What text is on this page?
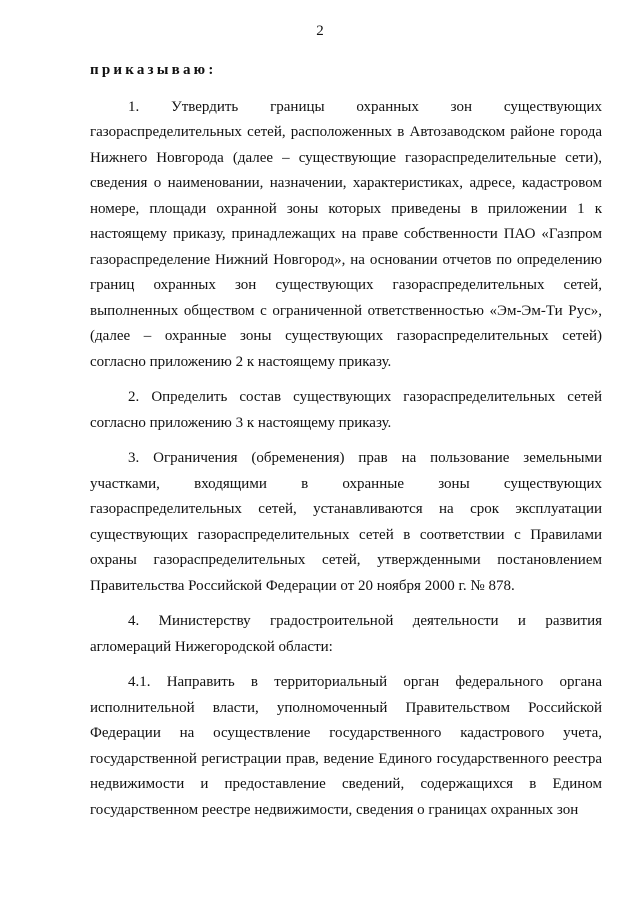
2
приказываю:

1. Утвердить границы охранных зон существующих газораспределительных сетей, расположенных в Автозаводском районе города Нижнего Новгорода (далее – существующие газораспределительные сети), сведения о наименовании, назначении, характеристиках, адресе, кадастровом номере, площади охранной зоны которых приведены в приложении 1 к настоящему приказу, принадлежащих на праве собственности ПАО «Газпром газораспределение Нижний Новгород», на основании отчетов по определению границ охранных зон существующих газораспределительных сетей, выполненных обществом с ограниченной ответственностью «Эм-Эм-Ти Рус», (далее – охранные зоны существующих газораспределительных сетей) согласно приложению 2 к настоящему приказу.

2. Определить состав существующих газораспределительных сетей согласно приложению 3 к настоящему приказу.

3. Ограничения (обременения) прав на пользование земельными участками, входящими в охранные зоны существующих газораспределительных сетей, устанавливаются на срок эксплуатации существующих газораспределительных сетей в соответствии с Правилами охраны газораспределительных сетей, утвержденными постановлением Правительства Российской Федерации от 20 ноября 2000 г. № 878.

4. Министерству градостроительной деятельности и развития агломераций Нижегородской области:

4.1. Направить в территориальный орган федерального органа исполнительной власти, уполномоченный Правительством Российской Федерации на осуществление государственного кадастрового учета, государственной регистрации прав, ведение Единого государственного реестра недвижимости и предоставление сведений, содержащихся в Едином государственном реестре недвижимости, сведения о границах охранных зон
